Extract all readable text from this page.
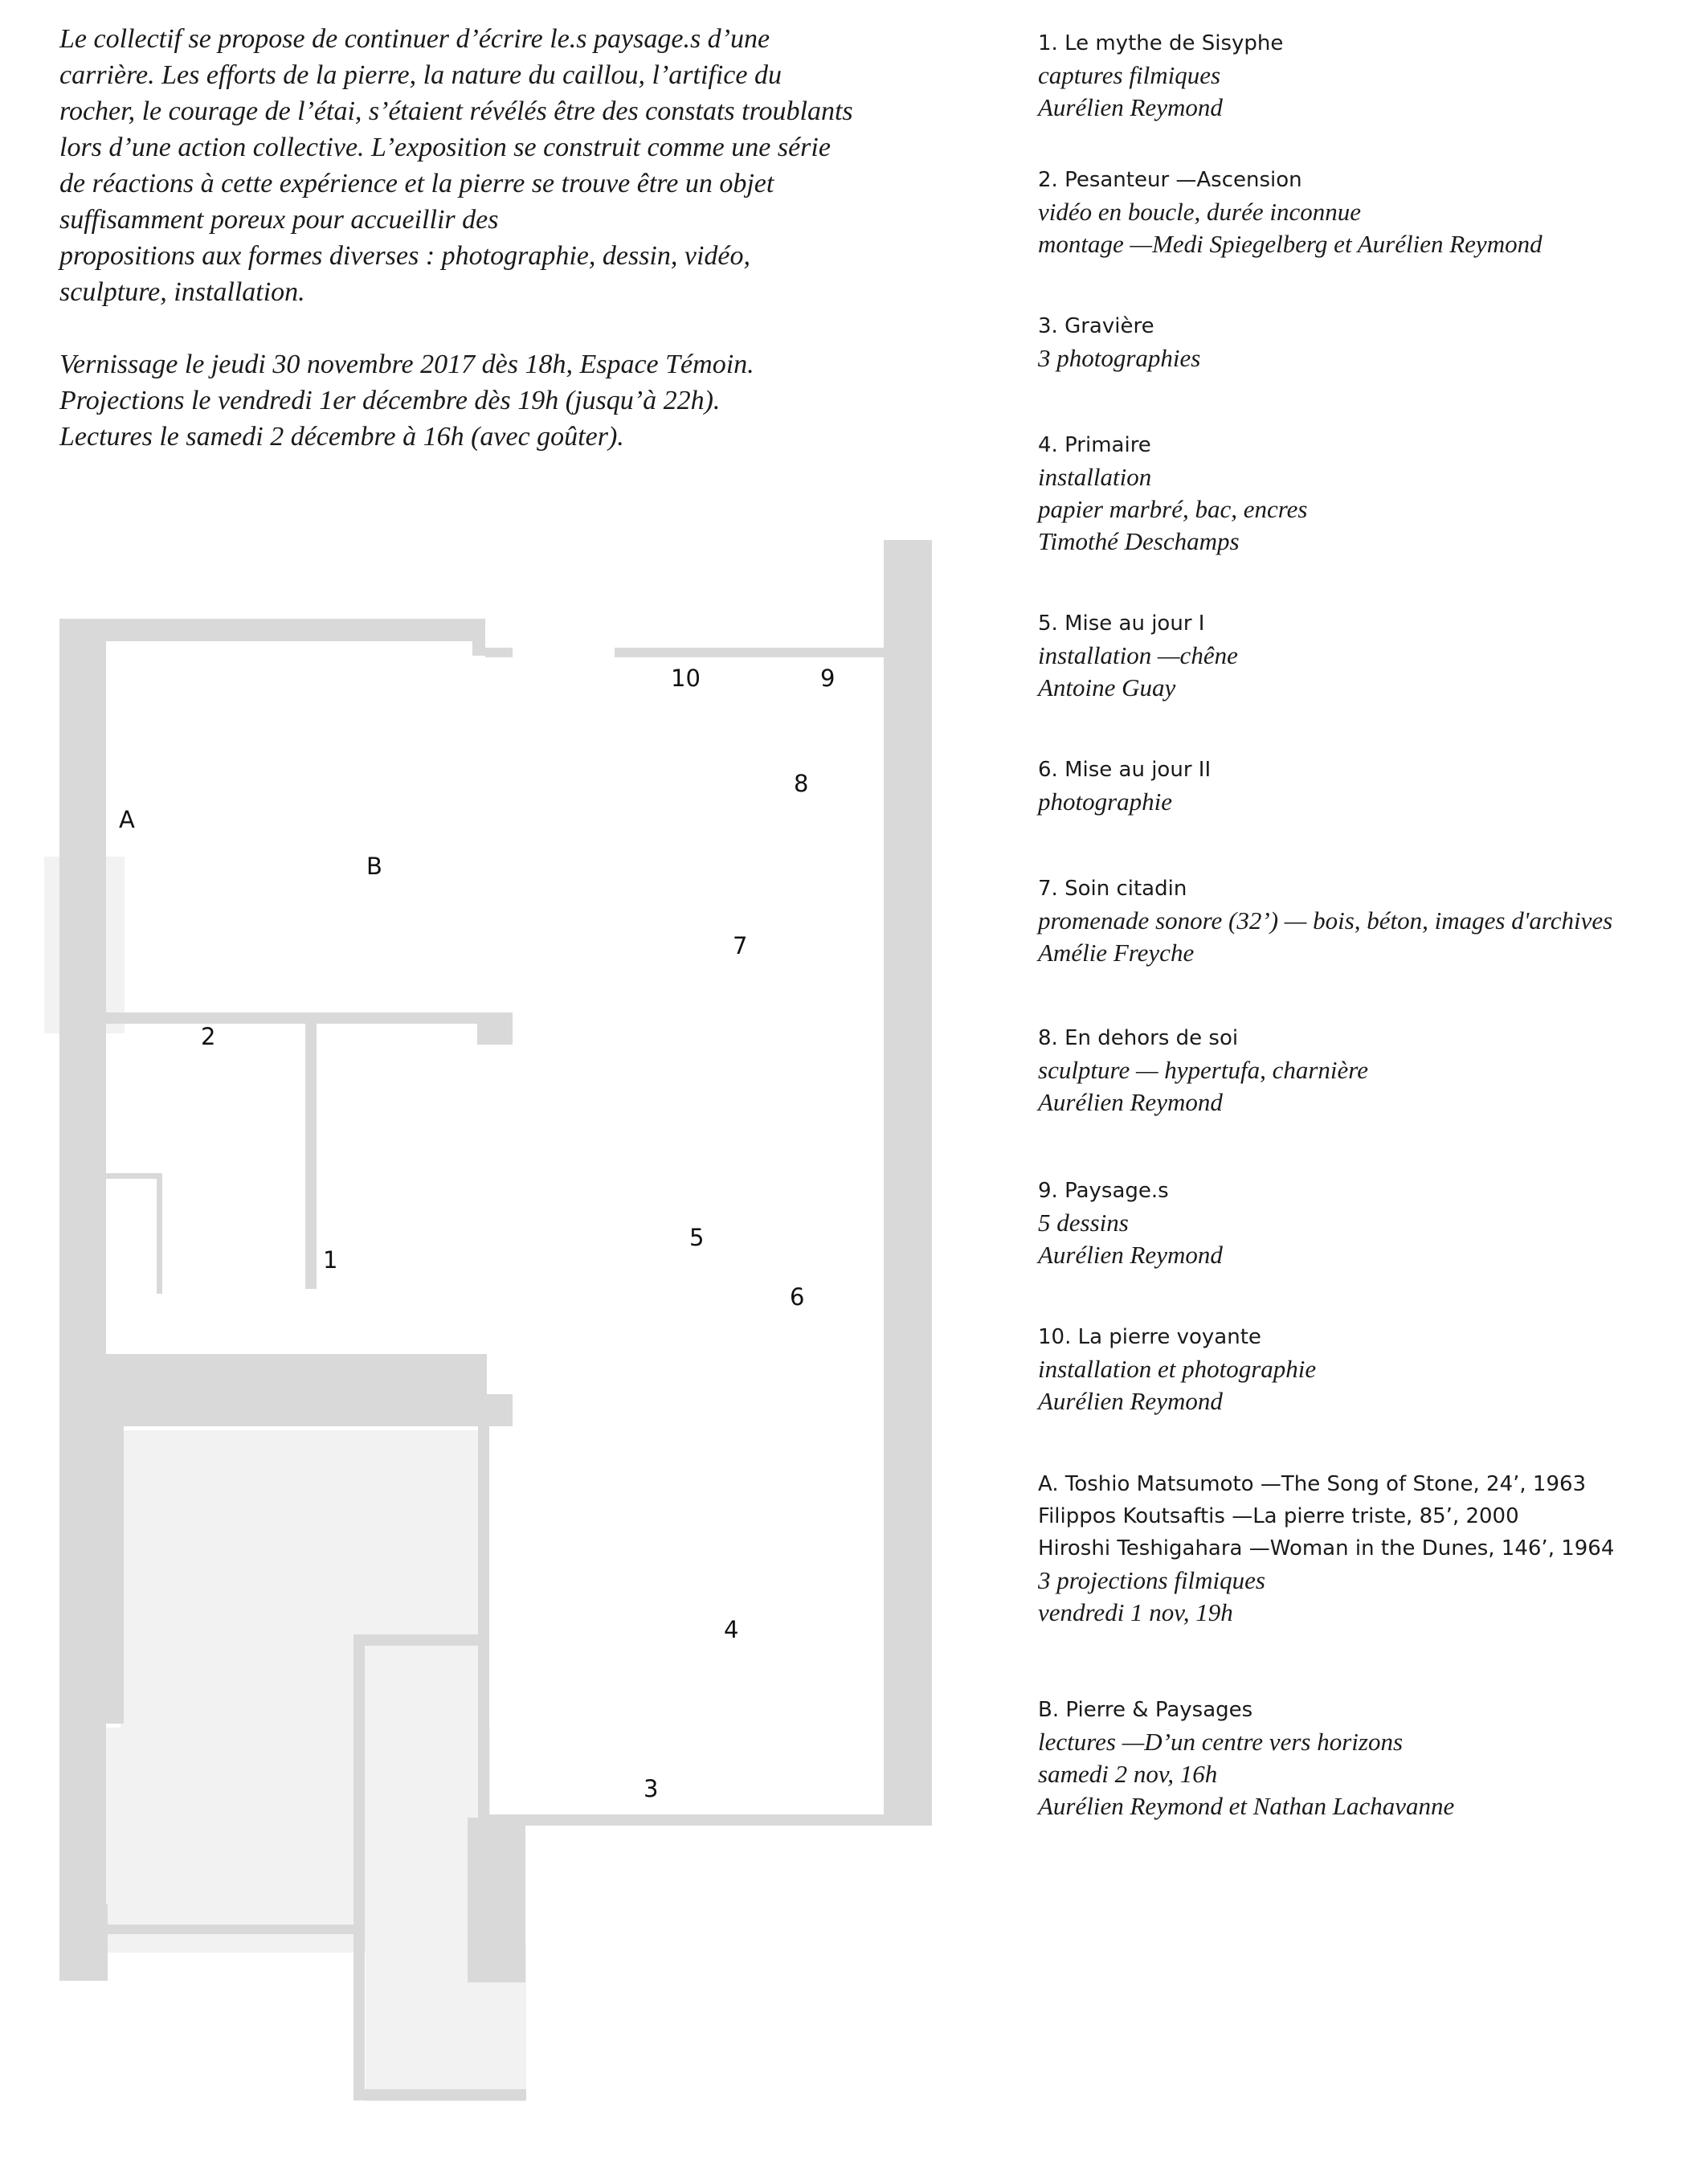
Le collectif se propose de continuer d’écrire le.s paysage.s d’une

carrière. Les efforts de la pierre, la nature du caillou, l’artifice du

rocher, le courage de l’étai, s’étaient révélés être des constats troublants

lors d’une action collective. L’exposition se construit comme une série

de réactions à cette expérience et la pierre se trouve être un objet

suffisamment poreux pour accueillir des

propositions aux formes diverses : photographie, dessin, vidéo,

sculpture, installation.

Vernissage le jeudi 30 novembre 2017 dès 18h, Espace Témoin.

Projections le vendredi 1er décembre dès 19h (jusqu’à 22h).

Lectures le samedi 2 décembre à 16h (avec goûter).

1. Le mythe de Sisyphe
captures filmiques
Aurélien Reymond
2. Pesanteur —Ascension
vidéo en boucle, durée inconnue
montage —Medi Spiegelberg et Aurélien Reymond
3. Gravière
3 photographies
4. Primaire
installation
papier marbré, bac, encres
Timothé Deschamps
5. Mise au jour I
installation —chêne
Antoine Guay
6. Mise au jour II
photographie
7. Soin citadin
promenade sonore (32’) — bois, béton, images d'archives
Amélie Freyche
8. En dehors de soi
sculpture — hypertufa, charnière
Aurélien Reymond
9. Paysage.s
5 dessins
Aurélien Reymond
10. La pierre voyante
installation et photographie
Aurélien Reymond
A. Toshio Matsumoto —The Song of Stone, 24’, 1963
Filippos Koutsaftis —La pierre triste, 85’, 2000
Hiroshi Teshigahara —Woman in the Dunes, 146’, 1964
3 projections filmiques
vendredi 1 nov, 19h
B. Pierre & Paysages
lectures —D’un centre vers horizons
samedi 2 nov, 16h
Aurélien Reymond et Nathan Lachavanne
10	9
8
A
B
7
2
1
5
6
4
3
